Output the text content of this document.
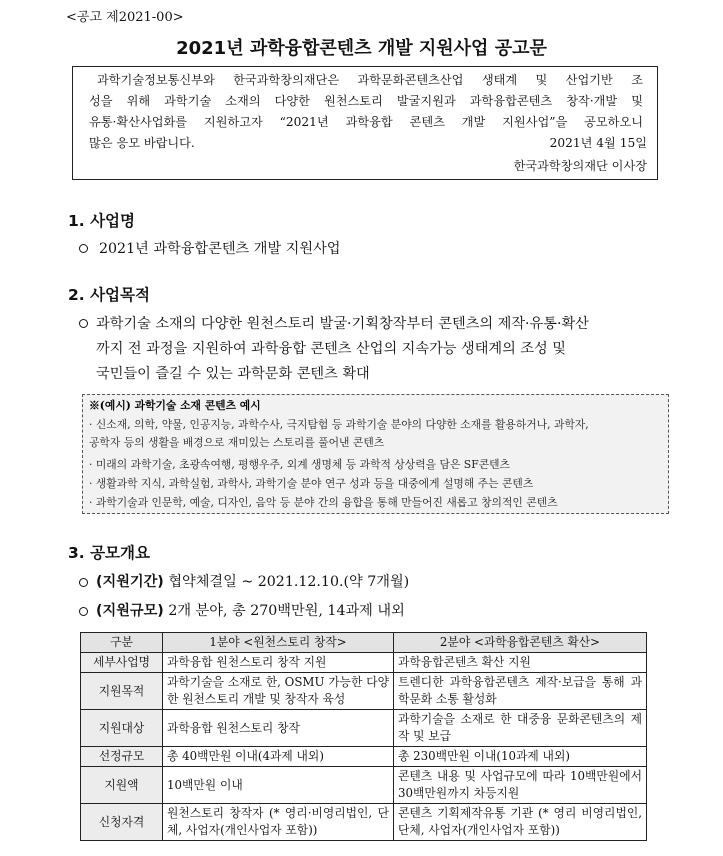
<공고 제2021-00>
2021년 과학융합콘텐츠 개발 지원사업 공고문
과학기술정보통신부와 한국과학창의재단은 과학문화콘텐츠산업 생태계 및 산업기반 조
성을 위해 과학기술 소재의 다양한 원천스토리 발굴지원과 과학융합콘텐츠 창작·개발 및
유통·확산사업화를 지원하고자 “2021년 과학융합 콘텐츠 개발 지원사업”을 공모하오니
많은 응모 바랍니다.	2021년 4월 15일
한국과학창의재단 이사장
1. 사업명
2021년 과학융합콘텐츠 개발 지원사업
2. 사업목적
과학기술 소재의 다양한 원천스토리 발굴·기획창작부터 콘텐츠의 제작·유통·확산
까지 전 과정을 지원하여 과학융합 콘텐츠 산업의 지속가능 생태계의 조성 및
국민들이 즐길 수 있는 과학문화 콘텐츠 확대
※(예시) 과학기술 소재 콘텐츠 예시
· 신소재, 의학, 약물, 인공지능, 과학수사, 극지탐험 등 과학기술 분야의 다양한 소재를 활용하거나, 과학자,
공학자 등의 생활을 배경으로 재미있는 스토리를 풀어낸 콘텐츠
· 미래의 과학기술, 초광속여행, 평행우주, 외계 생명체 등 과학적 상상력을 담은 SF콘텐츠
· 생활과학 지식, 과학실험, 과학사, 과학기술 분야 연구 성과 등을 대중에게 설명해 주는 콘텐츠
· 과학기술과 인문학, 예술, 디자인, 음악 등 분야 간의 융합을 통해 만들어진 새롭고 창의적인 콘텐츠
3. 공모개요
(지원기간) 협약체결일 ~ 2021.12.10.(약 7개월)
(지원규모) 2개 분야, 총 270백만원, 14과제 내외
구분	1분야 <원천스토리 창작>	2분야 <과학융합콘텐츠 확산>
세부사업명	과학융합 원천스토리 창작 지원	과학융합콘텐츠 확산 지원
지원목적	과학기술을 소재로 한, OSMU 가능한 다양한 원천스토리 개발 및 창작자 육성	트렌디한 과학융합콘텐츠 제작·보급을 통해 과학문화 소통 활성화
지원대상	과학융합 원천스토리 창작	과학기술을 소재로 한 대중융 문화콘텐츠의 제작 및 보급
선정규모	총 40백만원 이내(4과제 내외)	총 230백만원 이내(10과제 내외)
지원액	10백만원 이내	콘텐츠 내용 및 사업규모에 따라 10백만원에서 30백만원까지 차등지원
신청자격	원천스토리 창작자 (* 영리·비영리법인, 단체, 사업자(개인사업자 포함))	콘텐츠 기획제작유통 기관 (* 영리 비영리법인, 단체, 사업자(개인사업자 포함))
